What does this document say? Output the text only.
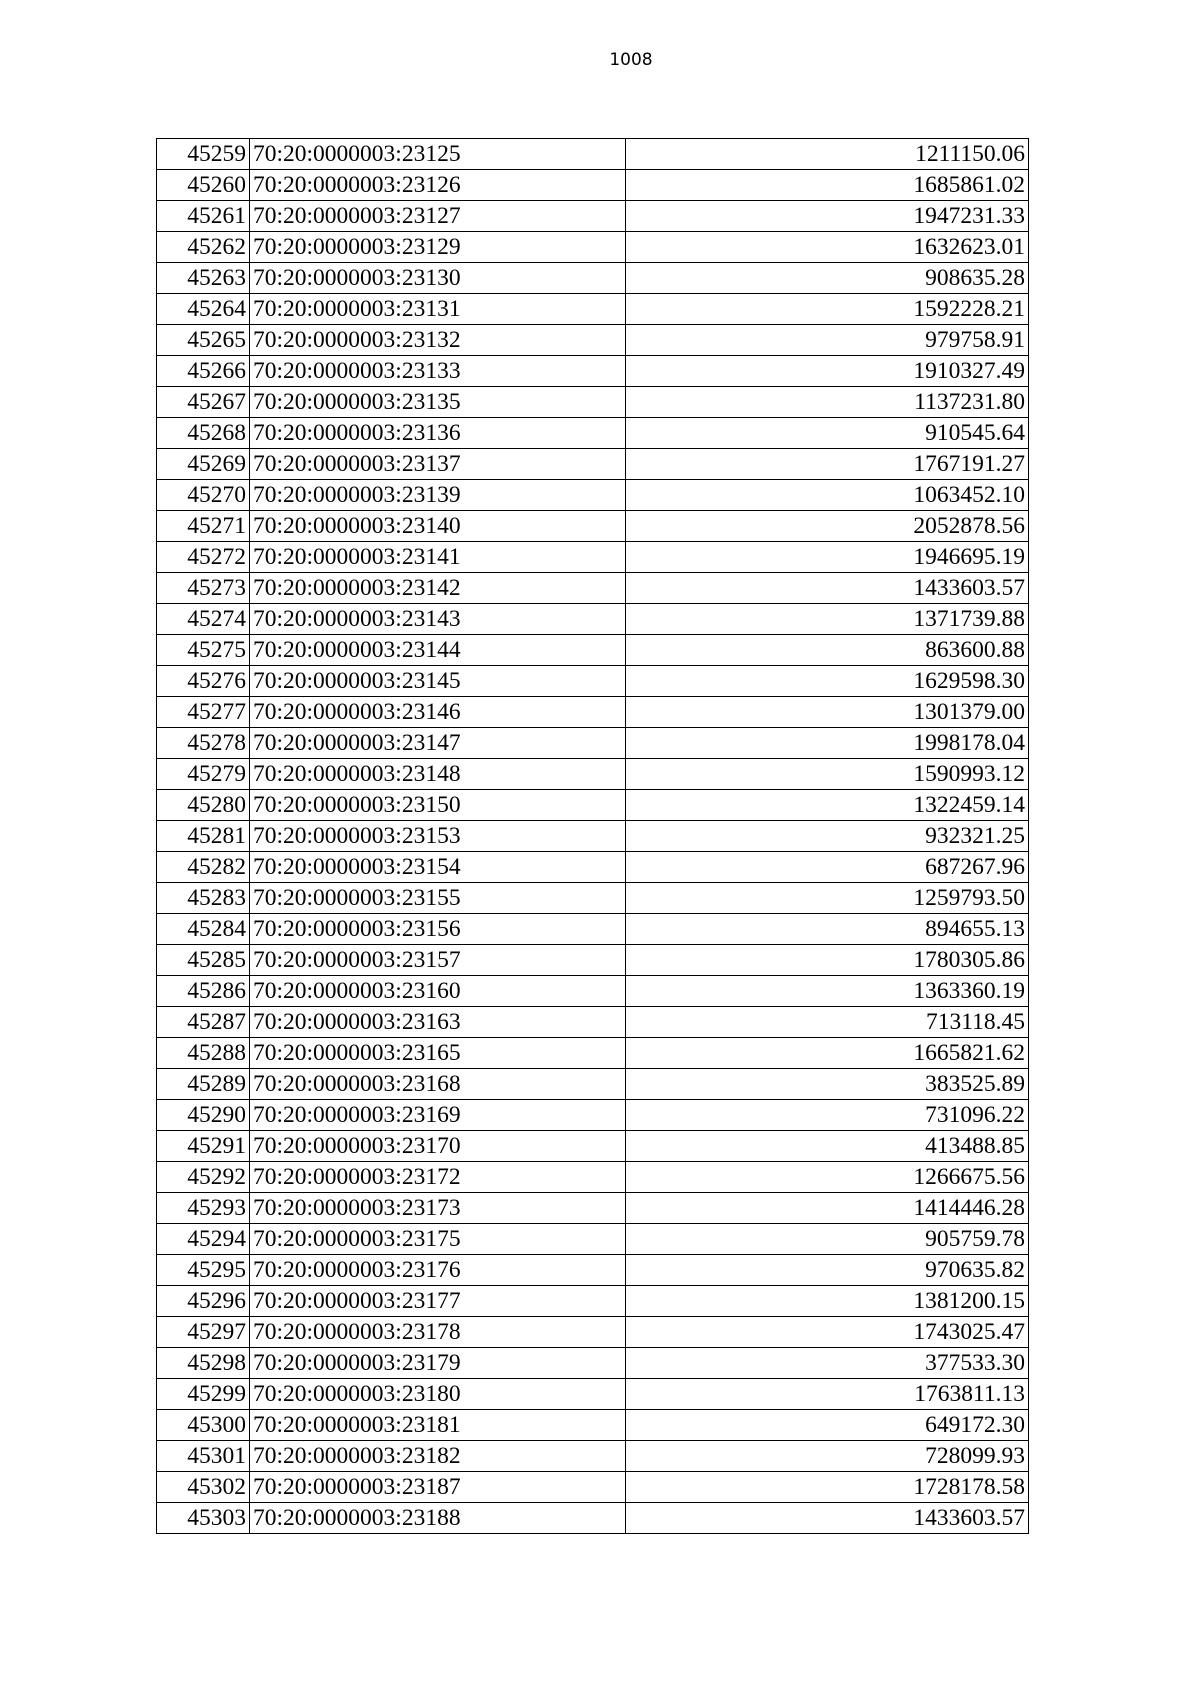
1008
45259	70:20:0000003:23125	1211150.06
45260	70:20:0000003:23126	1685861.02
45261	70:20:0000003:23127	1947231.33
45262	70:20:0000003:23129	1632623.01
45263	70:20:0000003:23130	908635.28
45264	70:20:0000003:23131	1592228.21
45265	70:20:0000003:23132	979758.91
45266	70:20:0000003:23133	1910327.49
45267	70:20:0000003:23135	1137231.80
45268	70:20:0000003:23136	910545.64
45269	70:20:0000003:23137	1767191.27
45270	70:20:0000003:23139	1063452.10
45271	70:20:0000003:23140	2052878.56
45272	70:20:0000003:23141	1946695.19
45273	70:20:0000003:23142	1433603.57
45274	70:20:0000003:23143	1371739.88
45275	70:20:0000003:23144	863600.88
45276	70:20:0000003:23145	1629598.30
45277	70:20:0000003:23146	1301379.00
45278	70:20:0000003:23147	1998178.04
45279	70:20:0000003:23148	1590993.12
45280	70:20:0000003:23150	1322459.14
45281	70:20:0000003:23153	932321.25
45282	70:20:0000003:23154	687267.96
45283	70:20:0000003:23155	1259793.50
45284	70:20:0000003:23156	894655.13
45285	70:20:0000003:23157	1780305.86
45286	70:20:0000003:23160	1363360.19
45287	70:20:0000003:23163	713118.45
45288	70:20:0000003:23165	1665821.62
45289	70:20:0000003:23168	383525.89
45290	70:20:0000003:23169	731096.22
45291	70:20:0000003:23170	413488.85
45292	70:20:0000003:23172	1266675.56
45293	70:20:0000003:23173	1414446.28
45294	70:20:0000003:23175	905759.78
45295	70:20:0000003:23176	970635.82
45296	70:20:0000003:23177	1381200.15
45297	70:20:0000003:23178	1743025.47
45298	70:20:0000003:23179	377533.30
45299	70:20:0000003:23180	1763811.13
45300	70:20:0000003:23181	649172.30
45301	70:20:0000003:23182	728099.93
45302	70:20:0000003:23187	1728178.58
45303	70:20:0000003:23188	1433603.57
